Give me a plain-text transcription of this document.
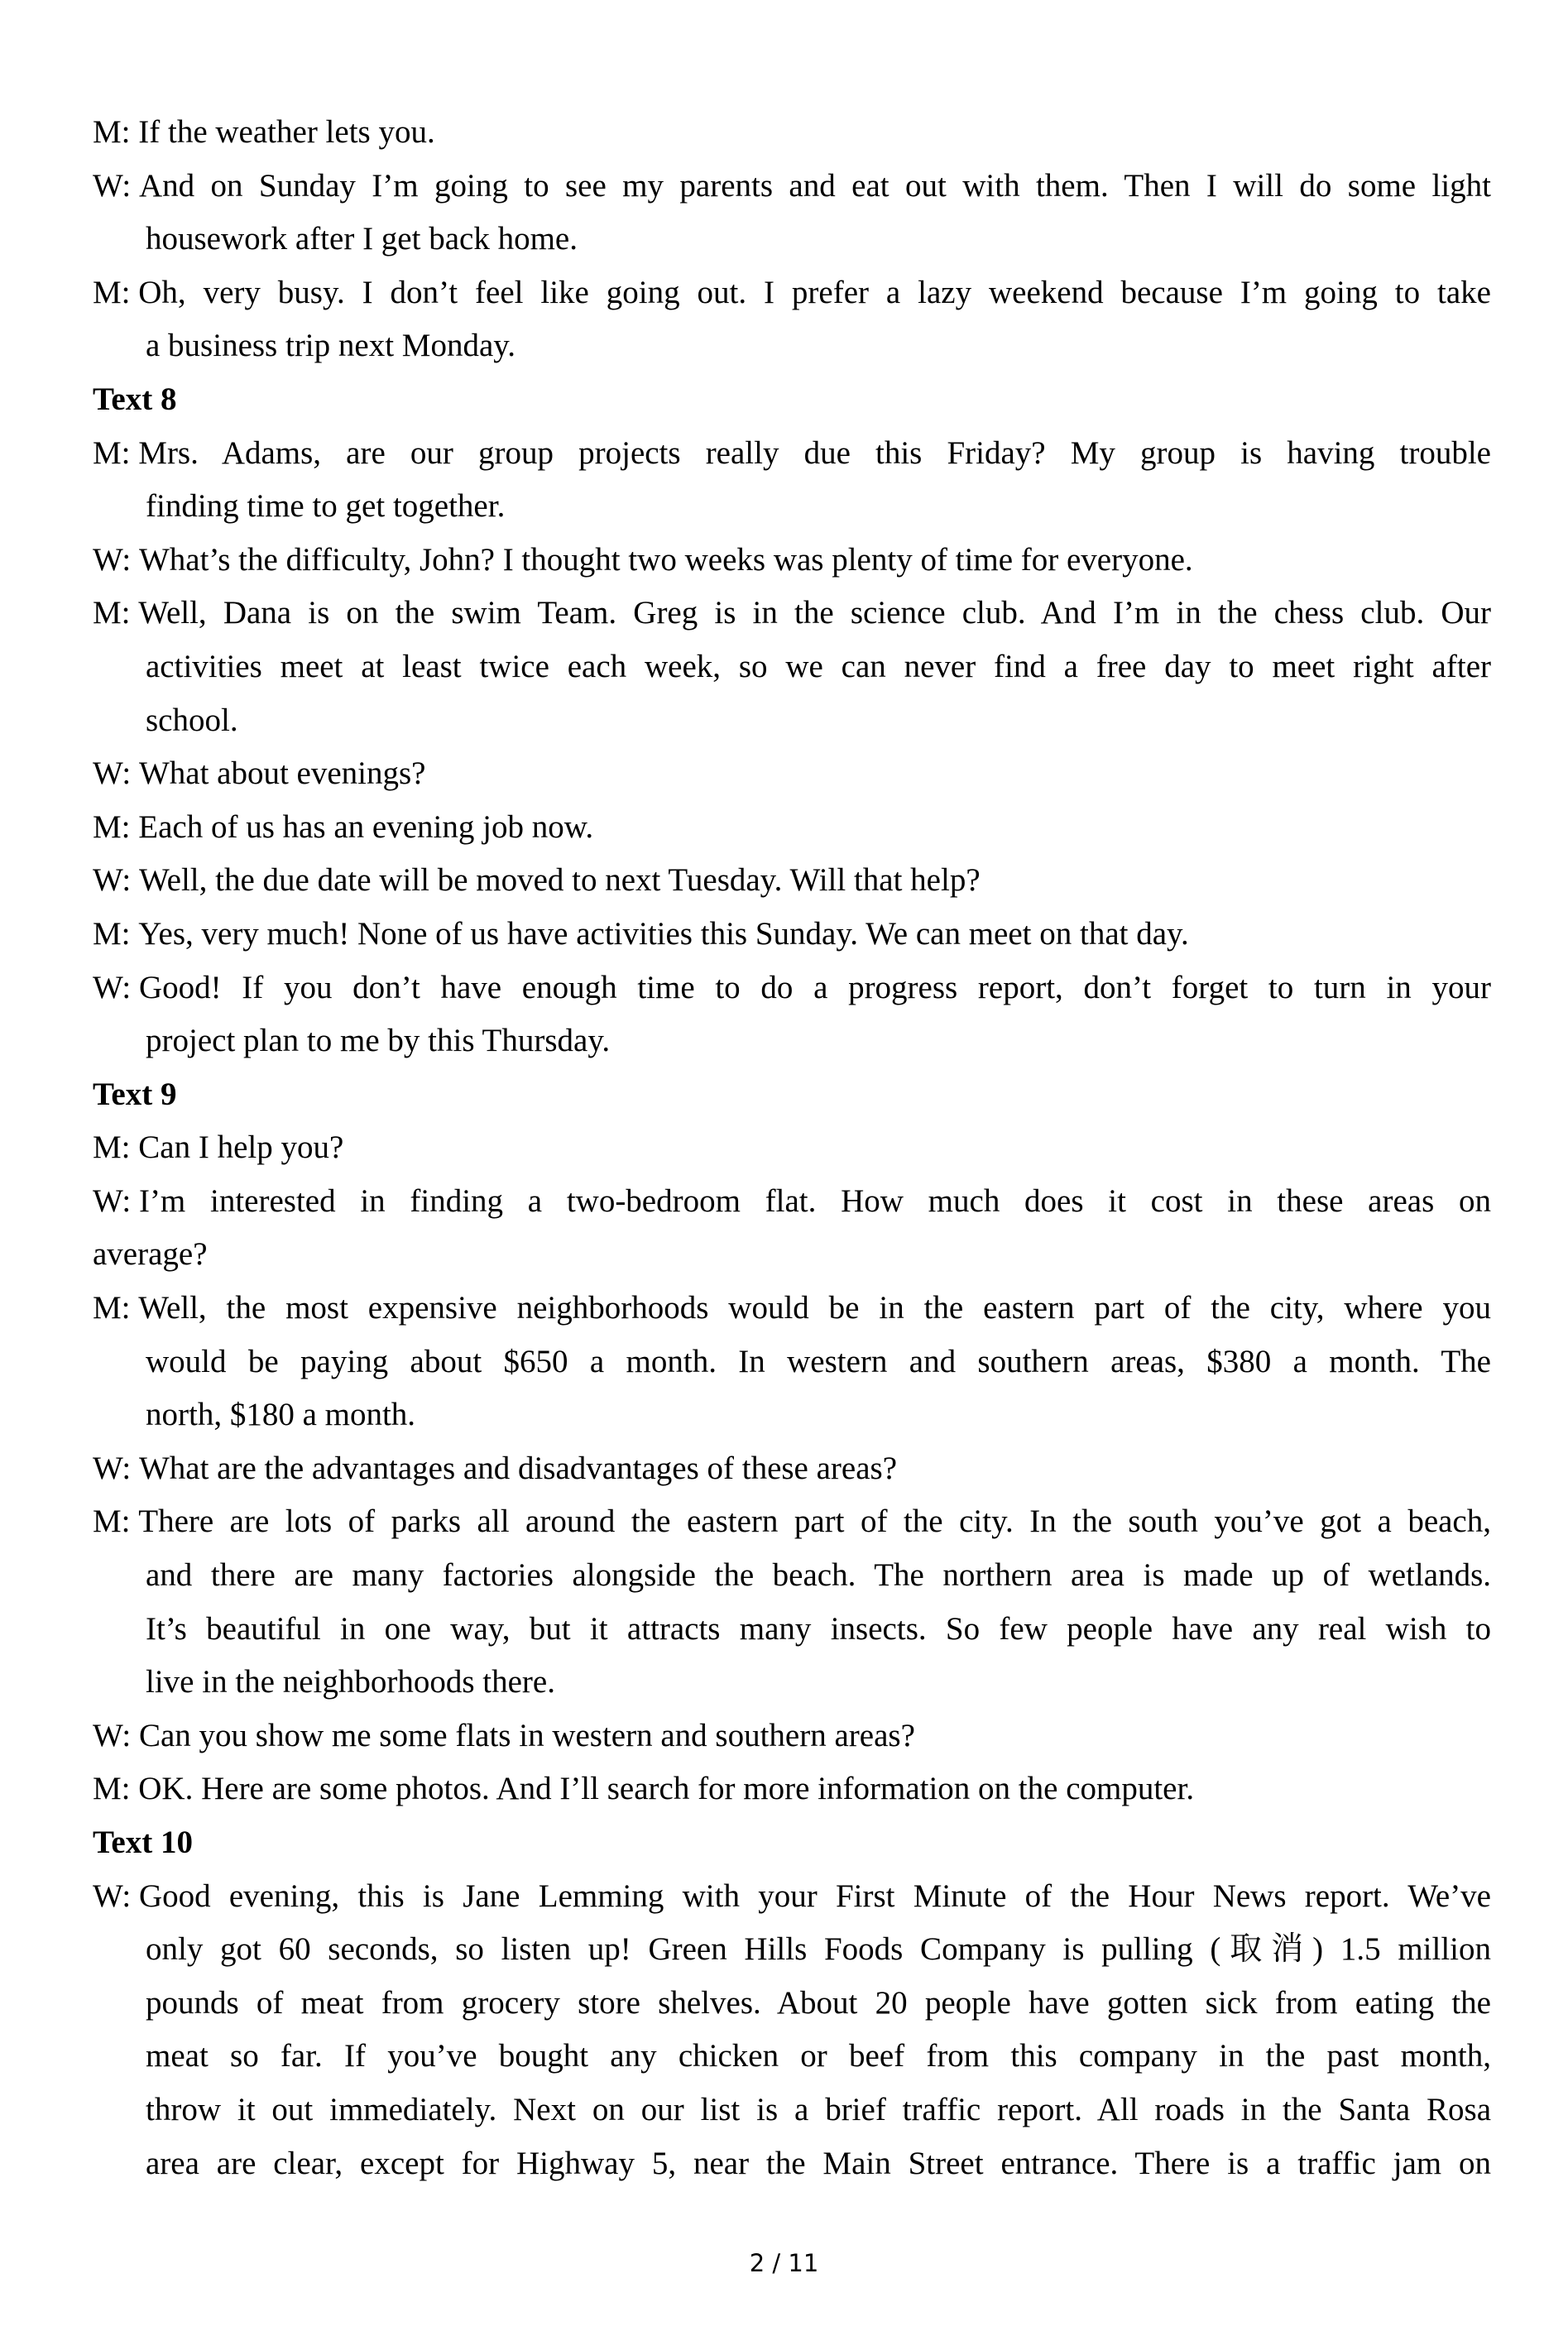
M: If the weather lets you.
W: And on Sunday I’m going to see my parents and eat out with them. Then I will do some light
housework after I get back home.
M: Oh, very busy. I don’t feel like going out. I prefer a lazy weekend because I’m going to take
a business trip next Monday.
Text 8
M: Mrs. Adams, are our group projects really due this Friday? My group is having trouble
finding time to get together.
W: What’s the difficulty, John? I thought two weeks was plenty of time for everyone.
M: Well, Dana is on the swim Team. Greg is in the science club. And I’m in the chess club. Our
activities meet at least twice each week, so we can never find a free day to meet right after
school.
W: What about evenings?
M: Each of us has an evening job now.
W: Well, the due date will be moved to next Tuesday. Will that help?
M: Yes, very much! None of us have activities this Sunday. We can meet on that day.
W: Good! If you don’t have enough time to do a progress report, don’t forget to turn in your
project plan to me by this Thursday.
Text 9
M: Can I help you?
W: I’m interested in finding a two-bedroom flat. How much does it cost in these areas on
average?
M: Well, the most expensive neighborhoods would be in the eastern part of the city, where you
would be paying about $650 a month. In western and southern areas, $380 a month. The
north, $180 a month.
W: What are the advantages and disadvantages of these areas?
M: There are lots of parks all around the eastern part of the city. In the south you’ve got a beach,
and there are many factories alongside the beach. The northern area is made up of wetlands.
It’s beautiful in one way, but it attracts many insects. So few people have any real wish to
live in the neighborhoods there.
W: Can you show me some flats in western and southern areas?
M: OK. Here are some photos. And I’ll search for more information on the computer.
Text 10
W: Good evening, this is Jane Lemming with your First Minute of the Hour News report. We’ve
only got 60 seconds, so listen up! Green Hills Foods Company is pulling (取消) 1.5 million
pounds of meat from grocery store shelves. About 20 people have gotten sick from eating the
meat so far. If you’ve bought any chicken or beef from this company in the past month,
throw it out immediately. Next on our list is a brief traffic report. All roads in the Santa Rosa
area are clear, except for Highway 5, near the Main Street entrance. There is a traffic jam on
2 / 11
